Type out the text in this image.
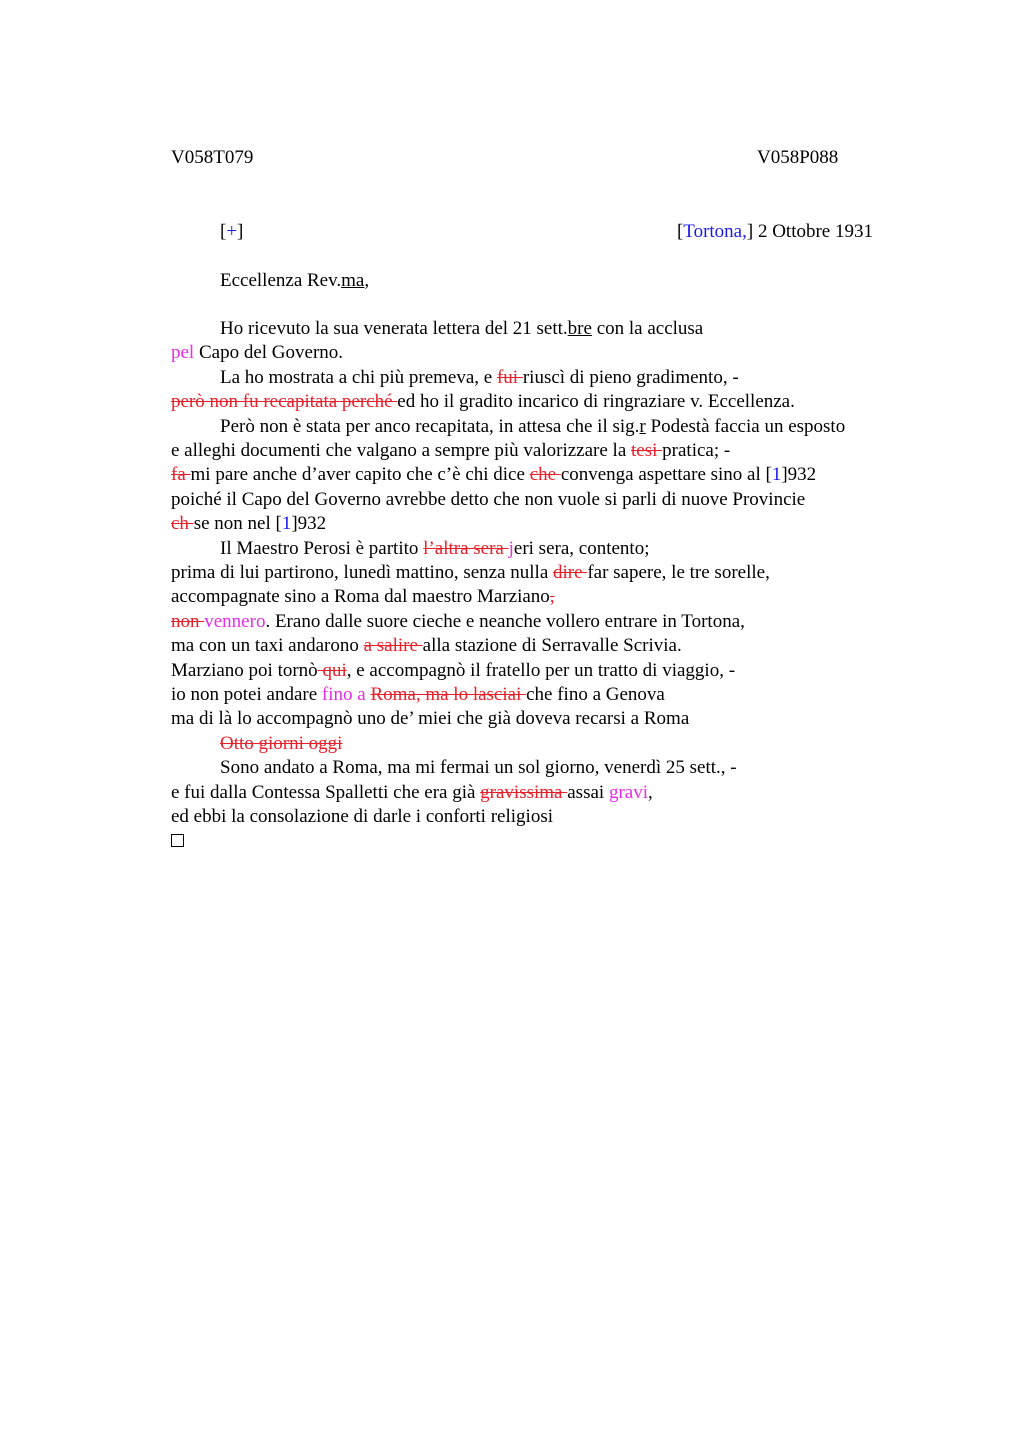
V058T079	V058P088
[+]	[Tortona,] 2 Ottobre 1931
Eccellenza Rev.ma,
Ho ricevuto la sua venerata lettera del 21 sett.bre con la acclusa
pel Capo del Governo.
La ho mostrata a chi più premeva, e fui riuscì di pieno gradimento, -
però non fu recapitata perché ed ho il gradito incarico di ringraziare v. Eccellenza.
Però non è stata per anco recapitata, in attesa che il sig.r Podestà faccia un esposto
e alleghi documenti che valgano a sempre più valorizzare la tesi pratica; -
fa mi pare anche d’aver capito che c’è chi dice che convenga aspettare sino al [1]932
poiché il Capo del Governo avrebbe detto che non vuole si parli di nuove Provincie
ch se non nel [1]932
Il Maestro Perosi è partito l’altra sera jeri sera, contento;
prima di lui partirono, lunedì mattino, senza nulla dire far sapere, le tre sorelle,
accompagnate sino a Roma dal maestro Marziano,
non vennero. Erano dalle suore cieche e neanche vollero entrare in Tortona,
ma con un taxi andarono a salire alla stazione di Serravalle Scrivia.
Marziano poi tornò qui, e accompagnò il fratello per un tratto di viaggio, -
io non potei andare fino a Roma, ma lo lasciai che fino a Genova
ma di là lo accompagnò uno de’ miei che già doveva recarsi a Roma
Otto giorni oggi
Sono andato a Roma, ma mi fermai un sol giorno, venerdì 25 sett., -
e fui dalla Contessa Spalletti che era già gravissima assai gravi,
ed ebbi la consolazione di darle i conforti religiosi
